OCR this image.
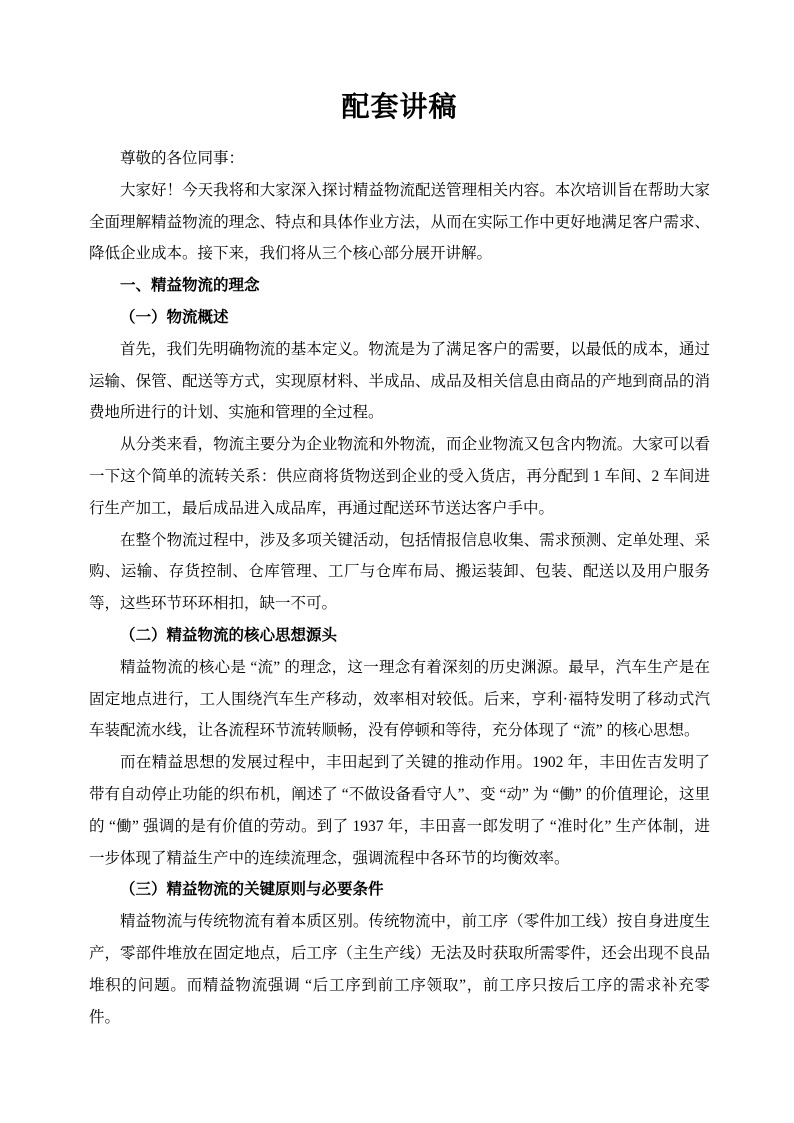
配套讲稿

尊敬的各位同事：

大家好！今天我将和大家深入探讨精益物流配送管理相关内容。本次培训旨在帮助大家全面理解精益物流的理念、特点和具体作业方法，从而在实际工作中更好地满足客户需求、降低企业成本。接下来，我们将从三个核心部分展开讲解。

一、精益物流的理念

（一）物流概述

首先，我们先明确物流的基本定义。物流是为了满足客户的需要，以最低的成本，通过运输、保管、配送等方式，实现原材料、半成品、成品及相关信息由商品的产地到商品的消费地所进行的计划、实施和管理的全过程。

从分类来看，物流主要分为企业物流和外物流，而企业物流又包含内物流。大家可以看一下这个简单的流转关系：供应商将货物送到企业的受入货店，再分配到 1 车间、2 车间进行生产加工，最后成品进入成品库，再通过配送环节送达客户手中。

在整个物流过程中，涉及多项关键活动，包括情报信息收集、需求预测、定单处理、采购、运输、存货控制、仓库管理、工厂与仓库布局、搬运装卸、包装、配送以及用户服务等，这些环节环环相扣，缺一不可。

（二）精益物流的核心思想源头

精益物流的核心是 “流” 的理念，这一理念有着深刻的历史渊源。最早，汽车生产是在固定地点进行，工人围绕汽车生产移动，效率相对较低。后来，亨利·福特发明了移动式汽车装配流水线，让各流程环节流转顺畅，没有停顿和等待，充分体现了 “流” 的核心思想。

而在精益思想的发展过程中，丰田起到了关键的推动作用。1902 年，丰田佐吉发明了带有自动停止功能的织布机，阐述了 “不做设备看守人”、变 “动” 为 “働” 的价值理论，这里的 “働” 强调的是有价值的劳动。到了 1937 年，丰田喜一郎发明了 “准时化” 生产体制，进一步体现了精益生产中的连续流理念，强调流程中各环节的均衡效率。

（三）精益物流的关键原则与必要条件

精益物流与传统物流有着本质区别。传统物流中，前工序（零件加工线）按自身进度生产，零部件堆放在固定地点，后工序（主生产线）无法及时获取所需零件，还会出现不良品堆积的问题。而精益物流强调 “后工序到前工序领取”，前工序只按后工序的需求补充零件。
